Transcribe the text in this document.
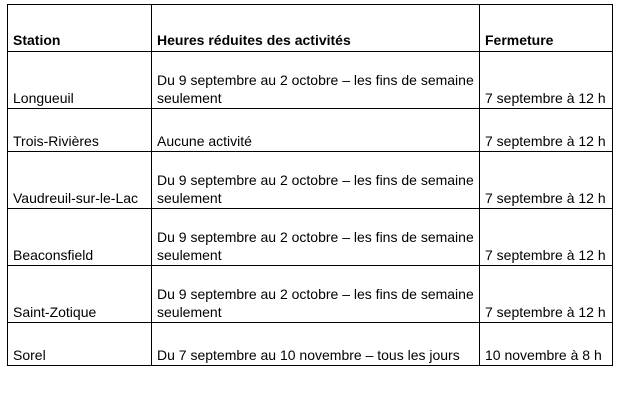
Station	Heures réduites des activités	Fermeture
Longueuil	Du 9 septembre au 2 octobre – les fins de semaine seulement	7 septembre à 12 h
Trois-Rivières	Aucune activité	7 septembre à 12 h
Vaudreuil-sur-le-Lac	Du 9 septembre au 2 octobre – les fins de semaine seulement	7 septembre à 12 h
Beaconsfield	Du 9 septembre au 2 octobre – les fins de semaine seulement	7 septembre à 12 h
Saint-Zotique	Du 9 septembre au 2 octobre – les fins de semaine seulement	7 septembre à 12 h
Sorel	Du 7 septembre au 10 novembre – tous les jours	10 novembre à 8 h
